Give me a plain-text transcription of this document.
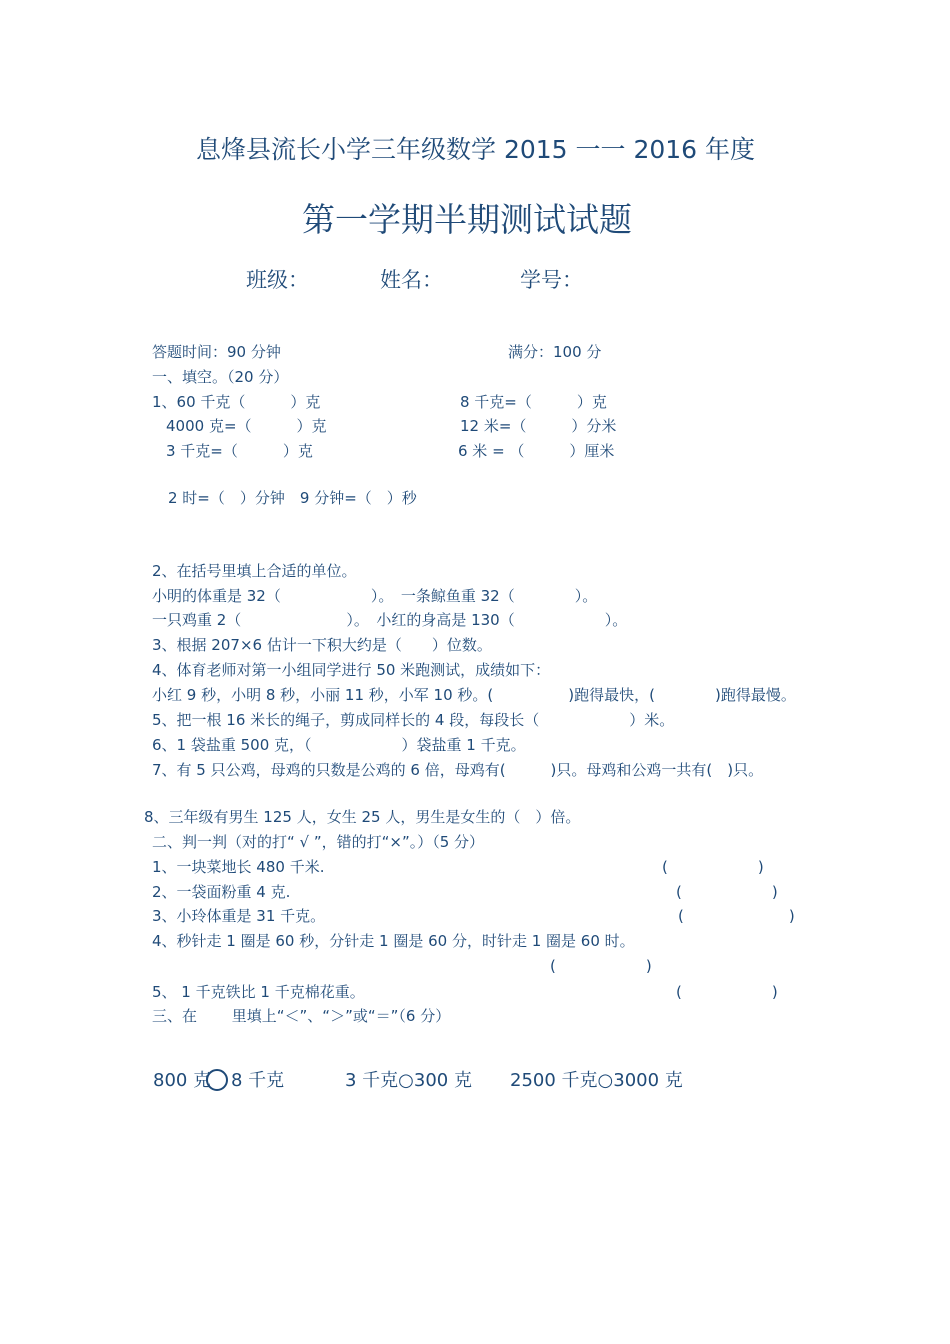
息烽县流长小学三年级数学 2015 一一 2016 年度
第一学期半期测试试题
班级：	姓名：	学号：
答题时间：90 分钟	满分：100 分
一、填空。（20 分）
1、60 千克（　　　）克	8 千克=（　　　）克
4000 克=（　　　）克	12 米=（　　　）分米
3 千克=（　　　）克	6 米 = （　　　）厘米
2 时=（　）分钟　9 分钟=（　）秒
2、在括号里填上合适的单位。
小明的体重是 32（　　　　　　）。　一条鲸鱼重 32（　　　　）。
一只鸡重 2（　　　　　　　）。　小红的身高是 130（　　　　　　）。
3、根据 207×6 估计一下积大约是（　　）位数。
4、体育老师对第一小组同学进行 50 米跑测试，成绩如下：
小红 9 秒，小明 8 秒，小丽 11 秒，小军 10 秒。(　　　　　)跑得最快，(　　　　)跑得最慢。
5、把一根 16 米长的绳子，剪成同样长的 4 段，每段长（　　　　　　）米。
6、1 袋盐重 500 克，（　　　　　　）袋盐重 1 千克。
7、有 5 只公鸡，母鸡的只数是公鸡的 6 倍，母鸡有(　　　)只。母鸡和公鸡一共有(　)只。
8、三年级有男生 125 人，女生 25 人，男生是女生的（　）倍。
二、判一判（对的打“ √ ”，错的打“×”。）（5 分）
1、一块菜地长 480 千米.	(　　　　　　)
2、一袋面粉重 4 克.	(　　　　　　)
3、小玲体重是 31 千克。	(　　　　　　　)
4、秒针走 1 圈是 60 秒，分针走 1 圈是 60 分，时针走 1 圈是 60 时。
(　　　　　　)
5、 1 千克铁比 1 千克棉花重。	(　　　　　　)
三、在　　 里填上“＜”、“＞”或“＝”（6 分）
800 克 8 千克	3 千克○300 克 2500 千克○3000 克
